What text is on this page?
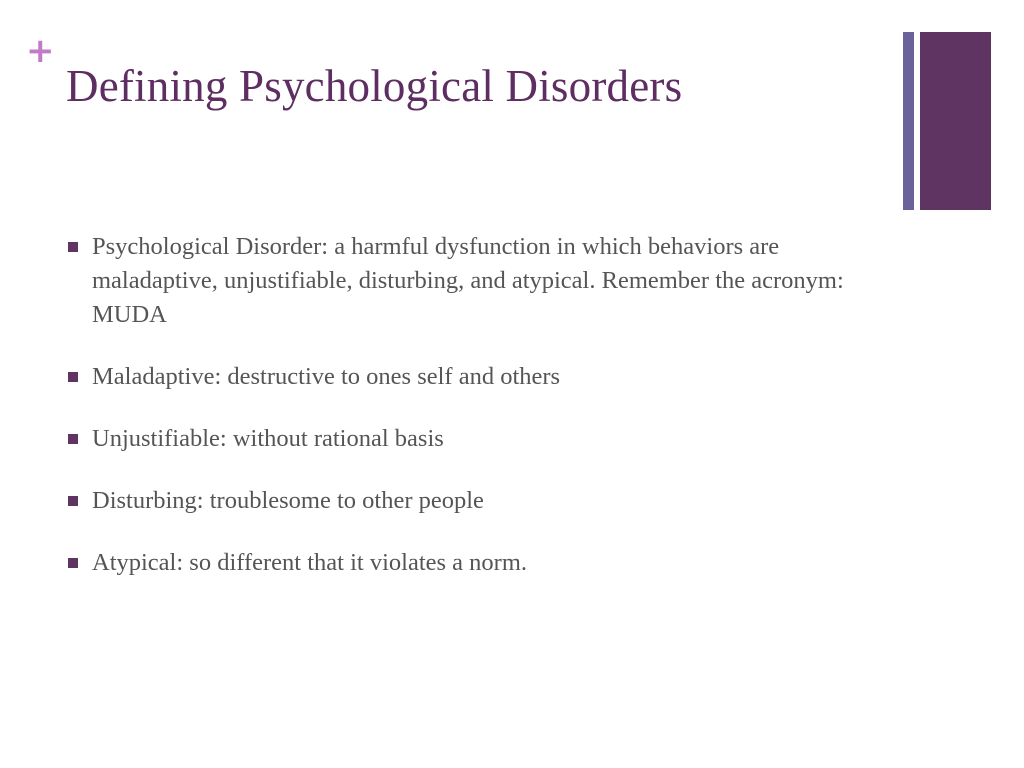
+
Defining Psychological Disorders
Psychological Disorder: a harmful dysfunction in which behaviors are maladaptive, unjustifiable, disturbing, and atypical. Remember the acronym: MUDA
Maladaptive: destructive to ones self and others
Unjustifiable: without rational basis
Disturbing: troublesome to other people
Atypical: so different that it violates a norm.
